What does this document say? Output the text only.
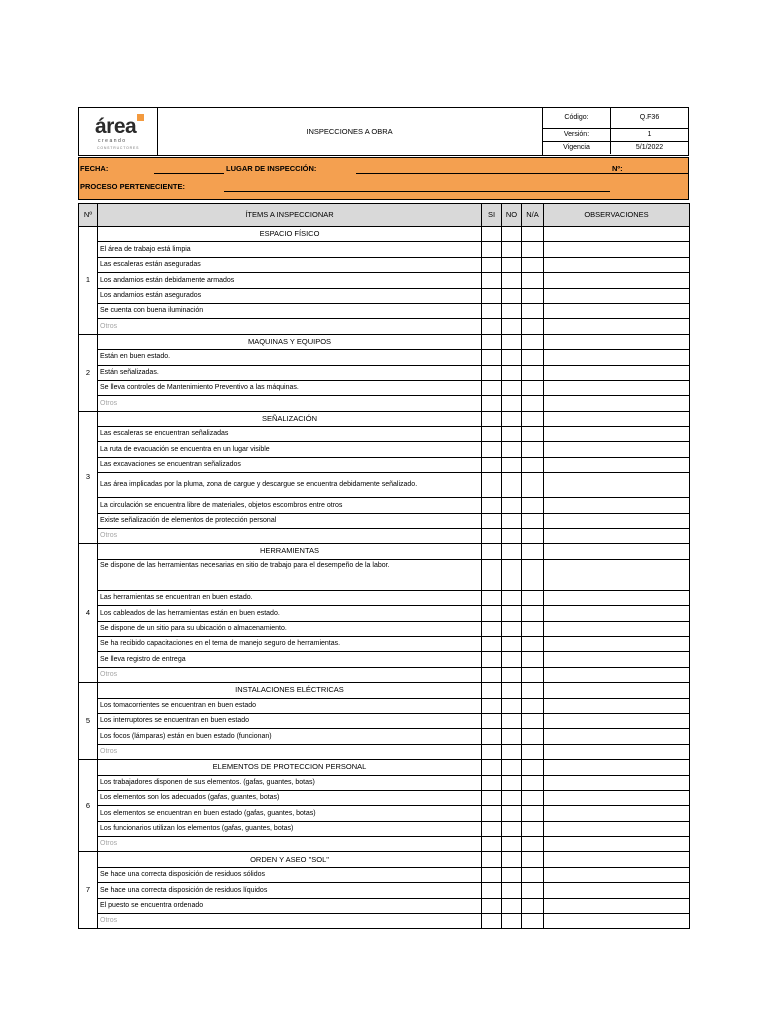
área
creando
CONSTRUCTORES
INSPECCIONES A OBRA
Código:	Q.F36
Versión:	1
Vigencia	5/1/2022
FECHA:	LUGAR DE INSPECCIÓN:	Nº:
PROCESO PERTENECIENTE:
Nº	ÍTEMS A INSPECCIONAR	SI	NO	N/A	OBSERVACIONES
1	ESPACIO FÍSICO				
	El área de trabajo está limpia				
	Las escaleras están aseguradas				
	Los andamios están debidamente armados				
	Los andamios están asegurados				
	Se cuenta con buena iluminación				
	Otros				
2	MAQUINAS Y EQUIPOS				
	Están en buen estado.				
	Están señalizadas.				
	Se lleva controles de Mantenimiento Preventivo a las máquinas.				
	Otros				
3	SEÑALIZACIÓN				
	Las escaleras se encuentran señalizadas				
	La ruta de evacuación se encuentra en un lugar visible				
	Las excavaciones se encuentran señalizados				
	Las área implicadas por la pluma, zona de cargue y descargue se encuentra debidamente señalizado.				
	La circulación se encuentra libre de materiales, objetos escombros entre otros				
	Existe señalización de elementos de protección personal				
	Otros				
4	HERRAMIENTAS				
	Se dispone de las herramientas necesarias en sitio de trabajo para el desempeño de la labor.				
	Las herramientas se encuentran en buen estado.				
	Los cableados de las herramientas están en buen estado.				
	Se dispone de un sitio para su ubicación o almacenamiento.				
	Se ha recibido capacitaciones en el tema de manejo seguro de herramientas.				
	Se lleva registro de entrega				
	Otros				
5	INSTALACIONES ELÉCTRICAS				
	Los tomacorrientes se encuentran en buen estado				
	Los interruptores se encuentran en buen estado				
	Los focos (lámparas) están en buen estado (funcionan)				
	Otros				
6	ELEMENTOS DE PROTECCION PERSONAL				
	Los trabajadores disponen de sus elementos. (gafas, guantes, botas)				
	Los elementos son los adecuados (gafas, guantes, botas)				
	Los elementos se encuentran en buen estado (gafas, guantes, botas)				
	Los funcionarios utilizan los elementos (gafas, guantes, botas)				
	Otros				
7	ORDEN Y ASEO "SOL"				
	Se hace una correcta disposición de residuos sólidos				
	Se hace una correcta disposición de residuos líquidos				
	El puesto se encuentra ordenado				
	Otros				
